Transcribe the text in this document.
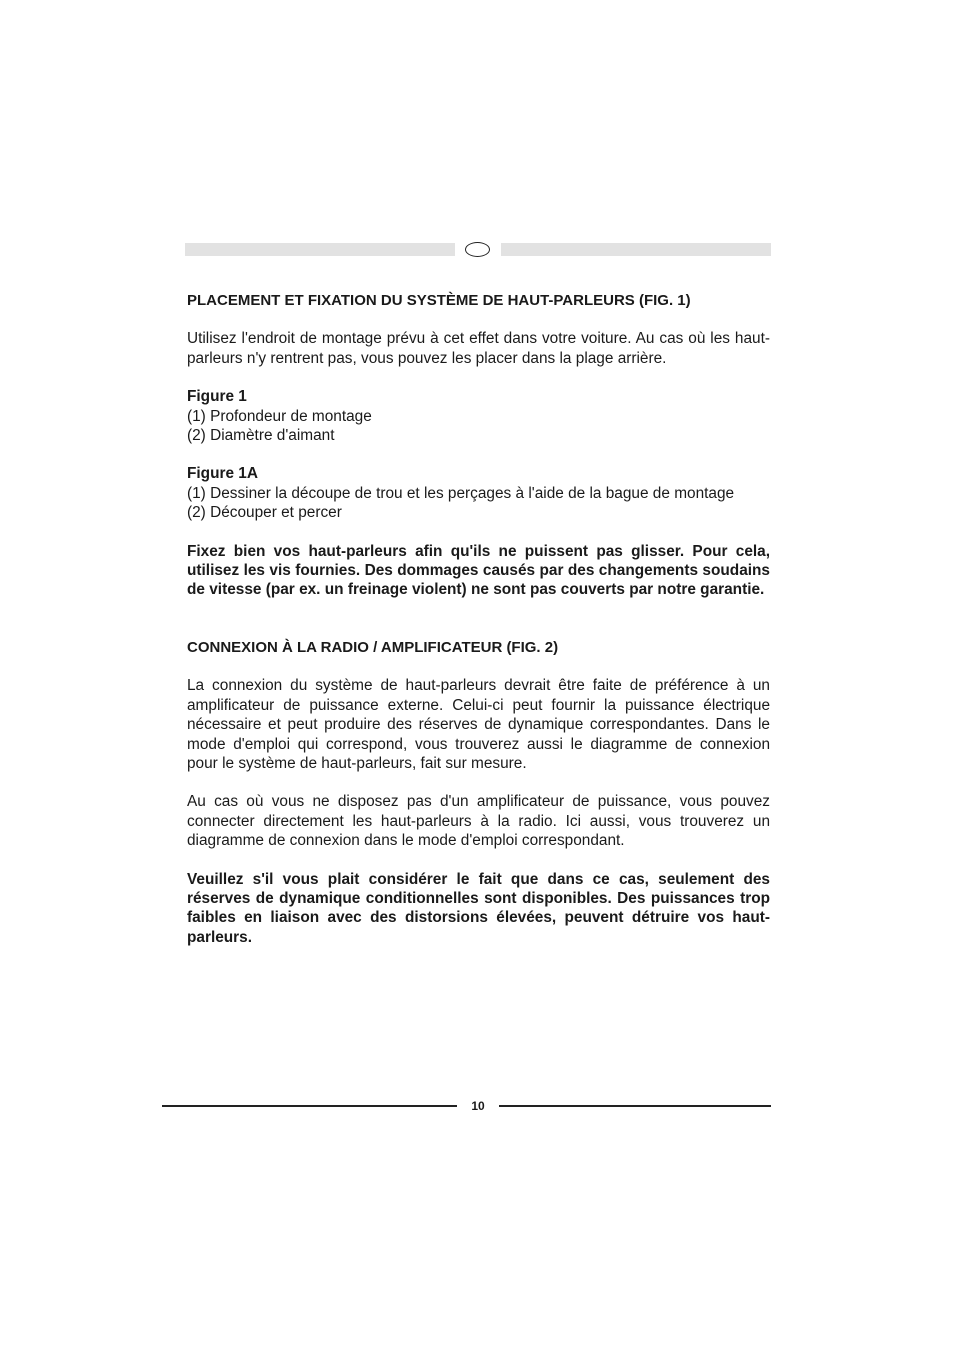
PLACEMENT ET FIXATION DU SYSTÈME DE HAUT-PARLEURS (FIG. 1)

Utilisez l'endroit de montage prévu à cet effet dans votre voiture. Au cas où les haut-parleurs n'y rentrent pas, vous pouvez les placer dans la plage arrière.

Figure 1

(1) Profondeur de montage

(2) Diamètre d'aimant

Figure 1A

(1) Dessiner la découpe de trou et les perçages à l'aide de la bague de montage

(2) Découper et percer

Fixez bien vos haut-parleurs afin qu'ils ne puissent pas glisser. Pour cela, utilisez les vis fournies. Des dommages causés par des changements soudains de vitesse (par ex. un freinage violent) ne sont pas couverts par notre garantie.

CONNEXION À LA RADIO / AMPLIFICATEUR (FIG. 2)

La connexion du système de haut-parleurs devrait être faite de préférence à un amplificateur de puissance externe. Celui-ci peut fournir la puissance électrique nécessaire et peut produire des réserves de dynamique correspondantes. Dans le mode d'emploi qui correspond, vous trouverez aussi le diagramme de connexion pour le système de haut-parleurs, fait sur mesure.

Au cas où vous ne disposez pas d'un amplificateur de puissance, vous pouvez connecter directement les haut-parleurs à la radio. Ici aussi, vous trouverez un diagramme de connexion dans le mode d'emploi correspondant.

Veuillez s'il vous plait considérer le fait que dans ce cas, seulement des réserves de dynamique conditionnelles sont disponibles. Des puissances trop faibles en liaison avec des distorsions élevées, peuvent détruire vos haut-parleurs.

10
